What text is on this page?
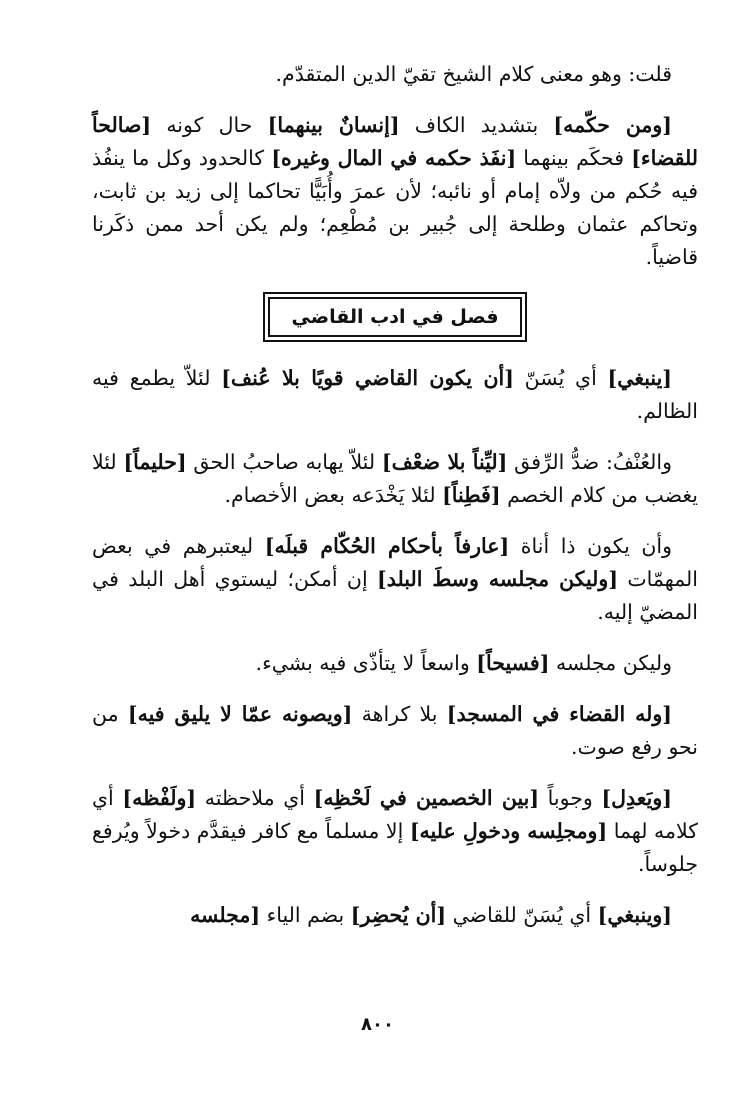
قلت: وهو معنى كلام الشيخ تقيّ الدين المتقدّم.

[ومن حكّمه] بتشديد الكاف [إنسانٌ بينهما] حال كونه [صالحاً للقضاء] فحكَم بينهما [نفَذ حكمه في المال وغيره] كالحدود وكل ما ينفُذ فيه حُكم من ولاّه إمام أو نائبه؛ لأن عمرَ وأُبَيًّا تحاكما إلى زيد بن ثابت، وتحاكم عثمان وطلحة إلى جُبير بن مُطْعِم؛ ولم يكن أحد ممن ذكَرنا قاضياً.

فصل في ادب القاضي

[ينبغي] أي يُسَنّ [أن يكون القاضي قويًا بلا عُنف] لئلاّ يطمع فيه الظالم.

والعُنْفُ: ضدُّ الرِّفق [ليِّناً بلا ضعْف] لئلاّ يهابه صاحبُ الحق [حليماً] لئلا يغضب من كلام الخصم [فَطِناً] لئلا يَخْدَعه بعض الأخصام.

وأن يكون ذا أناة [عارفاً بأحكام الحُكّام قبلَه] ليعتبرهم في بعض المهمّات [وليكن مجلسه وسطَ البلد] إن أمكن؛ ليستوي أهل البلد في المضيّ إليه.

وليكن مجلسه [فسيحاً] واسعاً لا يتأذّى فيه بشيء.

[وله القضاء في المسجد] بلا كراهة [ويصونه عمّا لا يليق فيه] من نحو رفع صوت.

[ويَعدِل] وجوباً [بين الخصمين في لَحْظِه] أي ملاحظته [ولَفْظه] أي كلامه لهما [ومجلِسه ودخولِ عليه] إلا مسلماً مع كافر فيقدَّم دخولاً ويُرفع جلوساً.

[وينبغي] أي يُسَنّ للقاضي [أن يُحضِر] بضم الياء [مجلسه

٨٠٠
